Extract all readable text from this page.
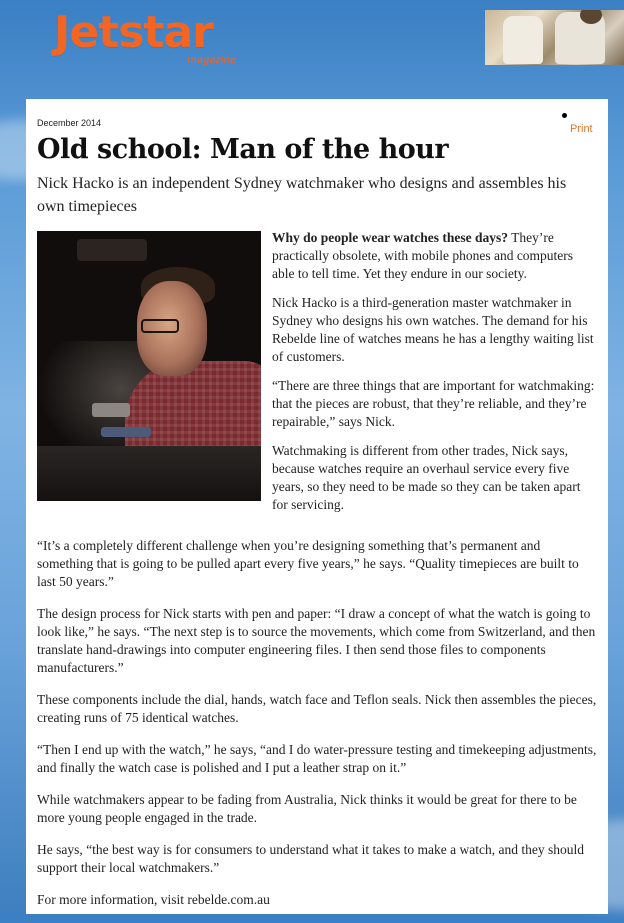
Jetstar
magazine
December 2014	Print
Old school: Man of the hour

Nick Hacko is an independent Sydney watchmaker who designs and assembles his own timepieces

Why do people wear watches these days? They’re practically obsolete, with mobile phones and computers able to tell time. Yet they endure in our society.

Nick Hacko is a third-generation master watchmaker in Sydney who designs his own watches. The demand for his Rebelde line of watches means he has a lengthy waiting list of customers.

“There are three things that are important for watchmaking: that the pieces are robust, that they’re reliable, and they’re repairable,” says Nick.

Watchmaking is different from other trades, Nick says, because watches require an overhaul service every five years, so they need to be made so they can be taken apart for servicing.

“It’s a completely different challenge when you’re designing something that’s permanent and something that is going to be pulled apart every five years,” he says. “Quality timepieces are built to last 50 years.”

The design process for Nick starts with pen and paper: “I draw a concept of what the watch is going to look like,” he says. “The next step is to source the movements, which come from Switzerland, and then translate hand-drawings into computer engineering files. I then send those files to components manufacturers.”

These components include the dial, hands, watch face and Teflon seals. Nick then assembles the pieces, creating runs of 75 identical watches.

“Then I end up with the watch,” he says, “and I do water-pressure testing and timekeeping adjustments, and finally the watch case is polished and I put a leather strap on it.”

While watchmakers appear to be fading from Australia, Nick thinks it would be great for there to be more young people engaged in the trade.

He says, “the best way is for consumers to understand what it takes to make a watch, and they should support their local watchmakers.”

For more information, visit rebelde.com.au
